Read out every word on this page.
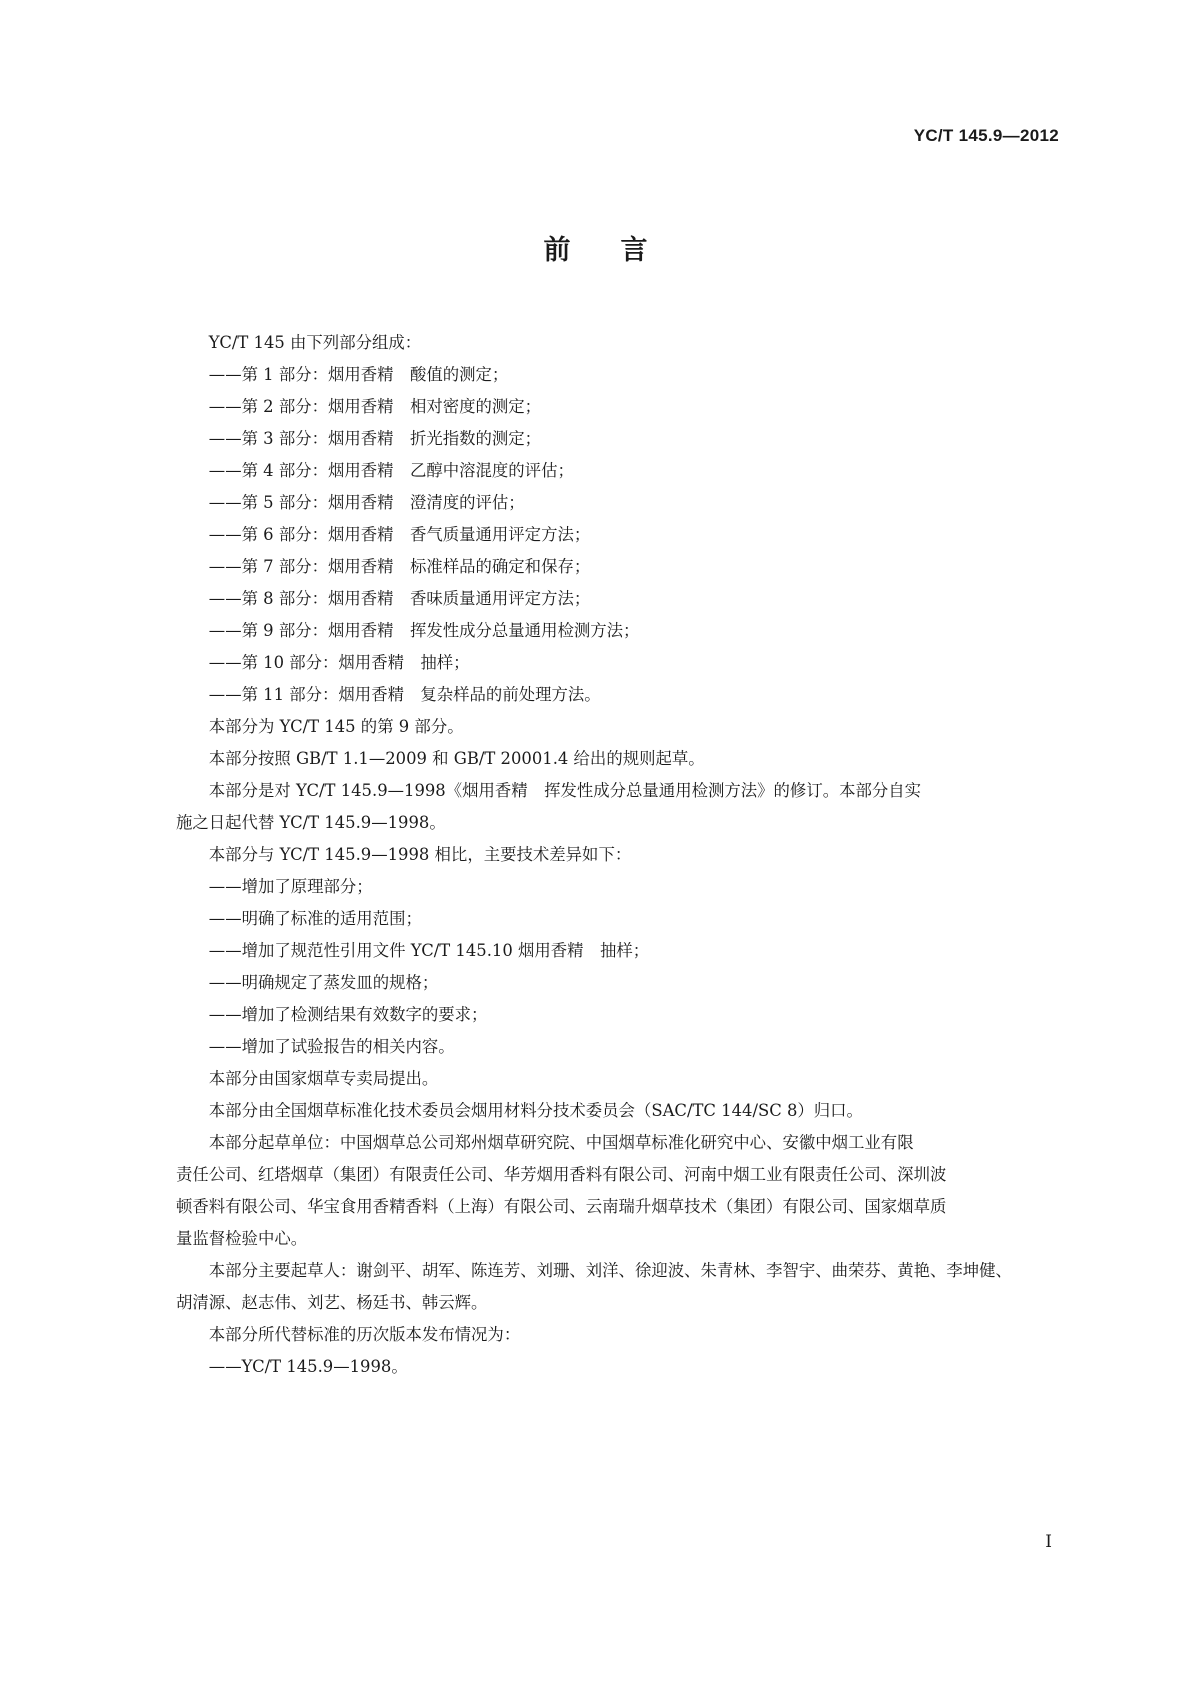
YC/T 145.9—2012
前言

YC/T 145 由下列部分组成：

——第 1 部分：烟用香精　酸值的测定；

——第 2 部分：烟用香精　相对密度的测定；

——第 3 部分：烟用香精　折光指数的测定；

——第 4 部分：烟用香精　乙醇中溶混度的评估；

——第 5 部分：烟用香精　澄清度的评估；

——第 6 部分：烟用香精　香气质量通用评定方法；

——第 7 部分：烟用香精　标准样品的确定和保存；

——第 8 部分：烟用香精　香味质量通用评定方法；

——第 9 部分：烟用香精　挥发性成分总量通用检测方法；

——第 10 部分：烟用香精　抽样；

——第 11 部分：烟用香精　复杂样品的前处理方法。

本部分为 YC/T 145 的第 9 部分。

本部分按照 GB/T 1.1—2009 和 GB/T 20001.4 给出的规则起草。

本部分是对 YC/T 145.9—1998《烟用香精　挥发性成分总量通用检测方法》的修订。本部分自实

施之日起代替 YC/T 145.9—1998。

本部分与 YC/T 145.9—1998 相比，主要技术差异如下：

——增加了原理部分；

——明确了标准的适用范围；

——增加了规范性引用文件 YC/T 145.10 烟用香精　抽样；

——明确规定了蒸发皿的规格；

——增加了检测结果有效数字的要求；

——增加了试验报告的相关内容。

本部分由国家烟草专卖局提出。

本部分由全国烟草标准化技术委员会烟用材料分技术委员会（SAC/TC 144/SC 8）归口。

本部分起草单位：中国烟草总公司郑州烟草研究院、中国烟草标准化研究中心、安徽中烟工业有限

责任公司、红塔烟草（集团）有限责任公司、华芳烟用香料有限公司、河南中烟工业有限责任公司、深圳波

顿香料有限公司、华宝食用香精香料（上海）有限公司、云南瑞升烟草技术（集团）有限公司、国家烟草质

量监督检验中心。

本部分主要起草人：谢剑平、胡军、陈连芳、刘珊、刘洋、徐迎波、朱青林、李智宇、曲荣芬、黄艳、李坤健、

胡清源、赵志伟、刘艺、杨廷书、韩云辉。

本部分所代替标准的历次版本发布情况为：

——YC/T 145.9—1998。

I
